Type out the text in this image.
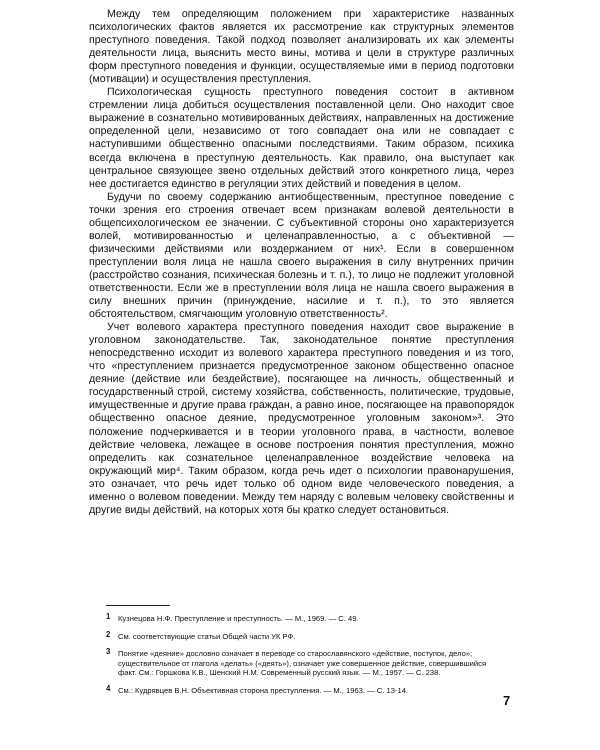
Между тем определяющим положением при характеристике названных психологических фактов является их рассмотрение как структурных элементов преступного поведения. Такой подход позволяет анализировать их как элементы деятельности лица, выяснить место вины, мотива и цели в структуре различных форм преступного поведения и функции, осуществляемые ими в период подготовки (мотивации) и осуществления преступления.

Психологическая сущность преступного поведения состоит в активном стремлении лица добиться осуществления поставленной цели. Оно находит свое выражение в сознательно мотивированных действиях, направленных на достижение определенной цели, независимо от того совпадает она или не совпадает с наступившими общественно опасными последствиями. Таким образом, психика всегда включена в преступную деятельность. Как правило, она выступает как центральное связующее звено отдельных действий этого конкретного лица, через нее достигается единство в регуляции этих действий и поведения в целом.

Будучи по своему содержанию антиобщественным, преступное поведение с точки зрения его строения отвечает всем признакам волевой деятельности в общепсихологическом ее значении. С субъективной стороны оно характеризуется волей, мотивированностью и целенаправленностью, а с объективной — физическими действиями или воздержанием от них¹. Если в совершенном преступлении воля лица не нашла своего выражения в силу внутренних причин (расстройство сознания, психическая болезнь и т. п.), то лицо не подлежит уголовной ответственности. Если же в преступлении воля лица не нашла своего выражения в силу внешних причин (принуждение, насилие и т. п.), то это является обстоятельством, смягчающим уголовную ответственность².

Учет волевого характера преступного поведения находит свое выражение в уголовном законодательстве. Так, законодательное понятие преступления непосредственно исходит из волевого характера преступного поведения и из того, что «преступлением признается предусмотренное законом общественно опасное деяние (действие или бездействие), посягающее на личность, общественный и государственный строй, систему хозяйства, собственность, политические, трудовые, имущественные и другие права граждан, а равно иное, посягающее на правопорядок общественно опасное деяние, предусмотренное уголовным законом»³. Это положение подчеркивается и в теории уголовного права, в частности, волевое действие человека, лежащее в основе построения понятия преступления, можно определить как сознательное целенаправленное воздействие человека на окружающий мир⁴. Таким образом, когда речь идет о психологии правонарушения, это означает, что речь идет только об одном виде человеческого поведения, а именно о волевом поведении. Между тем наряду с волевым человеку свойственны и другие виды действий, на которых хотя бы кратко следует остановиться.

1 Кузнецова Н.Ф. Преступление и преступность. — М., 1969. — С. 49.
2 См. соответствующие статьи Общей части УК РФ.
3 Понятие «деяние» дословно означает в переводе со старославянского «действие, поступок, дело»; существительное от глагола «делать» («деять»), означает уже совершенное действие, совершившийся факт. См.: Горшкова К.В., Шенский Н.М. Современный русский язык. — М., 1957. — С. 238.
4 См.: Кудрявцев В.Н. Объективная сторона преступления. — М., 1963. — С. 13-14.
7
